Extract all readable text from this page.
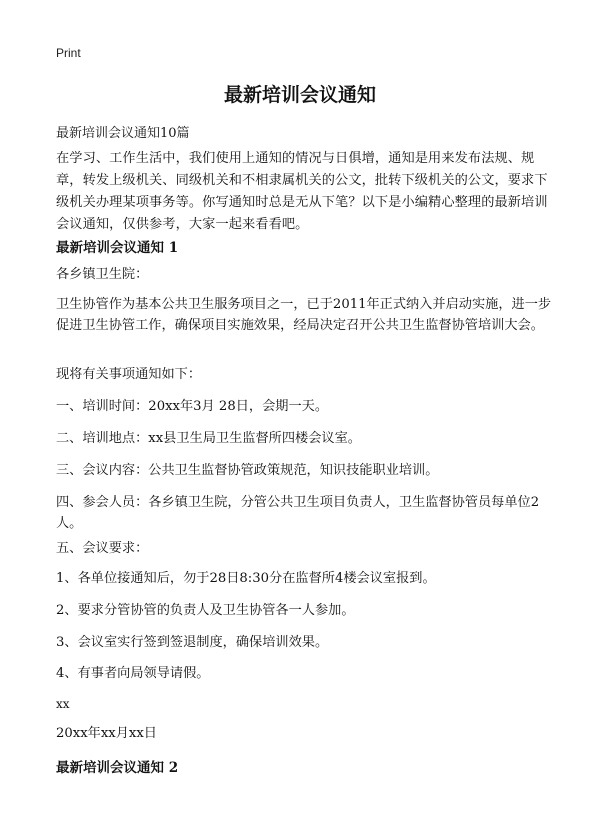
Print
最新培训会议通知
最新培训会议通知10篇
在学习、工作生活中，我们使用上通知的情况与日俱增，通知是用来发布法规、规章，转发上级机关、同级机关和不相隶属机关的公文，批转下级机关的公文，要求下级机关办理某项事务等。你写通知时总是无从下笔？以下是小编精心整理的最新培训会议通知，仅供参考，大家一起来看看吧。
最新培训会议通知 1
各乡镇卫生院：
卫生协管作为基本公共卫生服务项目之一，已于2011年正式纳入并启动实施，进一步促进卫生协管工作，确保项目实施效果，经局决定召开公共卫生监督协管培训大会。
现将有关事项通知如下：
一、培训时间：20xx年3月 28日，会期一天。
二、培训地点：xx县卫生局卫生监督所四楼会议室。
三、会议内容：公共卫生监督协管政策规范，知识技能职业培训。
四、参会人员：各乡镇卫生院，分管公共卫生项目负责人，卫生监督协管员每单位2人。
五、会议要求：
1、各单位接通知后，勿于28日8:30分在监督所4楼会议室报到。
2、要求分管协管的负责人及卫生协管各一人参加。
3、会议室实行签到签退制度，确保培训效果。
4、有事者向局领导请假。
xx
20xx年xx月xx日
最新培训会议通知 2
